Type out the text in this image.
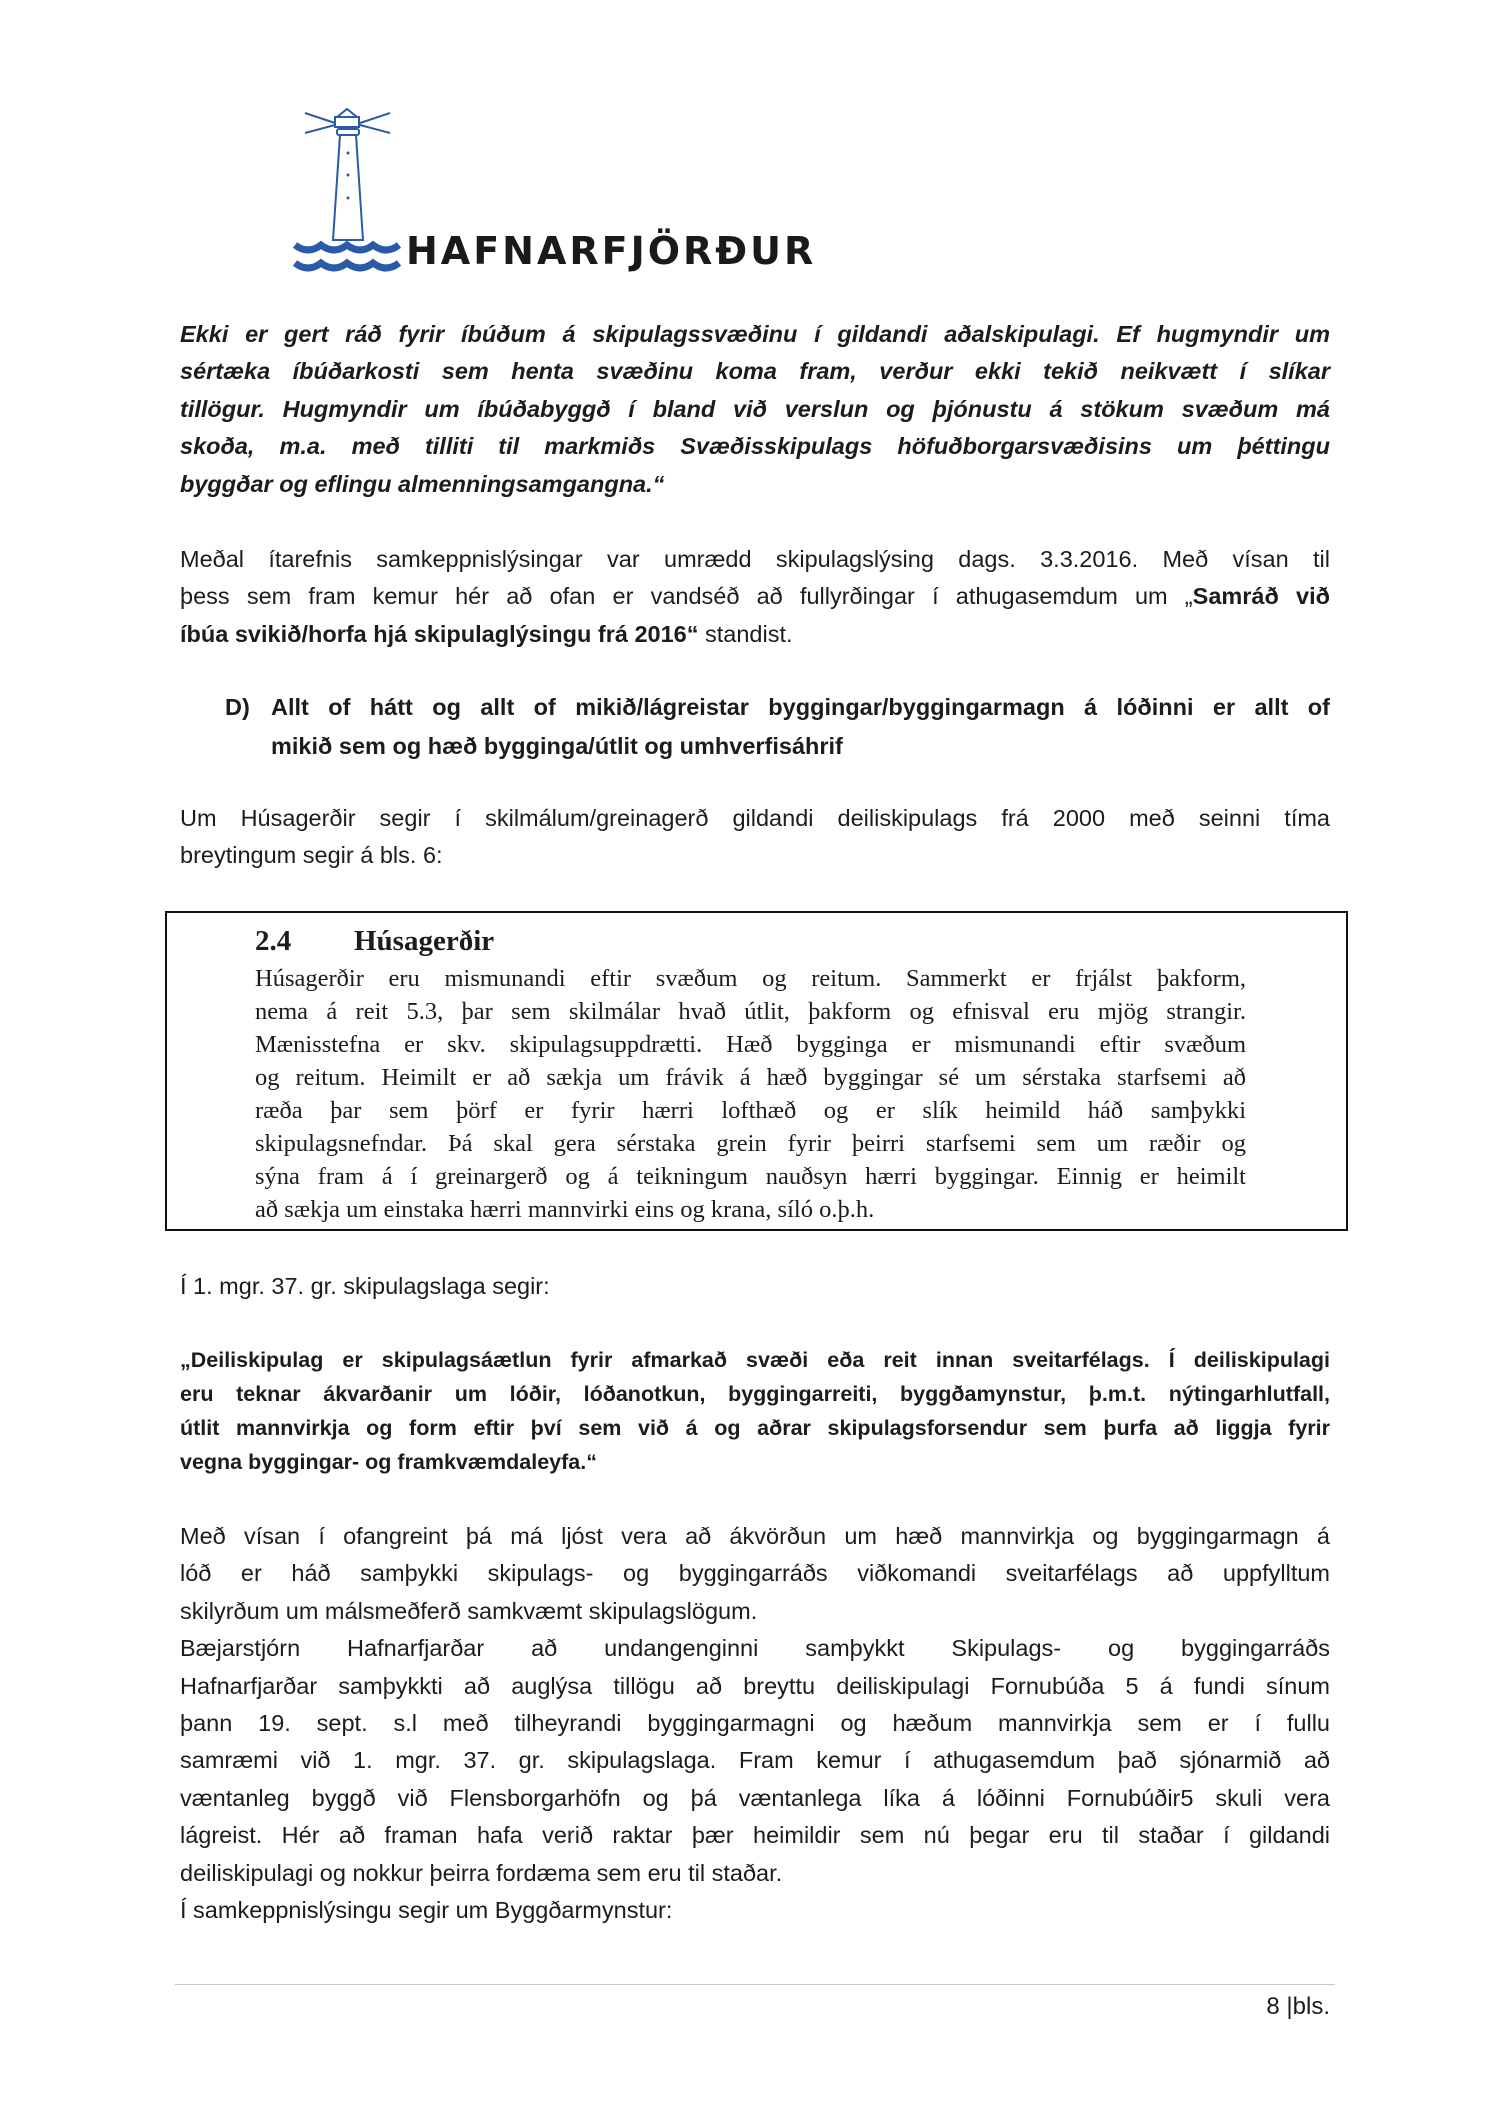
HAFNARFJÖRÐUR
Ekki er gert ráð fyrir íbúðum á skipulagssvæðinu í gildandi aðalskipulagi. Ef hugmyndir um
sértæka íbúðarkosti sem henta svæðinu koma fram, verður ekki tekið neikvætt í slíkar
tillögur. Hugmyndir um íbúðabyggð í bland við verslun og þjónustu á stökum svæðum má
skoða, m.a. með tilliti til markmiðs Svæðisskipulags höfuðborgarsvæðisins um þéttingu
byggðar og eflingu almenningsamgangna.“
Meðal ítarefnis samkeppnislýsingar var umrædd skipulagslýsing dags. 3.3.2016. Með vísan til
þess sem fram kemur hér að ofan er vandséð að fullyrðingar í athugasemdum um „Samráð við
íbúa svikið/horfa hjá skipulaglýsingu frá 2016“ standist.
D) Allt of hátt og allt of mikið/lágreistar byggingar/byggingarmagn á lóðinni er allt of
mikið sem og hæð bygginga/útlit og umhverfisáhrif
Um Húsagerðir segir í skilmálum/greinagerð gildandi deiliskipulags frá 2000 með seinni tíma
breytingum segir á bls. 6:
2.4 Húsagerðir
Húsagerðir eru mismunandi eftir svæðum og reitum. Sammerkt er frjálst þakform,
nema á reit 5.3, þar sem skilmálar hvað útlit, þakform og efnisval eru mjög strangir.
Mænisstefna er skv. skipulagsuppdrætti. Hæð bygginga er mismunandi eftir svæðum
og reitum. Heimilt er að sækja um frávik á hæð byggingar sé um sérstaka starfsemi að
ræða þar sem þörf er fyrir hærri lofthæð og er slík heimild háð samþykki
skipulagsnefndar. Þá skal gera sérstaka grein fyrir þeirri starfsemi sem um ræðir og
sýna fram á í greinargerð og á teikningum nauðsyn hærri byggingar. Einnig er heimilt
að sækja um einstaka hærri mannvirki eins og krana, síló o.þ.h.
Í 1. mgr. 37. gr. skipulagslaga segir:
„Deiliskipulag er skipulagsáætlun fyrir afmarkað svæði eða reit innan sveitarfélags. Í deiliskipulagi
eru teknar ákvarðanir um lóðir, lóðanotkun, byggingarreiti, byggðamynstur, þ.m.t. nýtingarhlutfall,
útlit mannvirkja og form eftir því sem við á og aðrar skipulagsforsendur sem þurfa að liggja fyrir
vegna byggingar- og framkvæmdaleyfa.“
Með vísan í ofangreint þá má ljóst vera að ákvörðun um hæð mannvirkja og byggingarmagn á
lóð er háð samþykki skipulags- og byggingarráðs viðkomandi sveitarfélags að uppfylltum
skilyrðum um málsmeðferð samkvæmt skipulagslögum.
Bæjarstjórn Hafnarfjarðar að undangenginni samþykkt Skipulags- og byggingarráðs
Hafnarfjarðar samþykkti að auglýsa tillögu að breyttu deiliskipulagi Fornubúða 5 á fundi sínum
þann 19. sept. s.l með tilheyrandi byggingarmagni og hæðum mannvirkja sem er í fullu
samræmi við 1. mgr. 37. gr. skipulagslaga. Fram kemur í athugasemdum það sjónarmið að
væntanleg byggð við Flensborgarhöfn og þá væntanlega líka á lóðinni Fornubúðir5 skuli vera
lágreist. Hér að framan hafa verið raktar þær heimildir sem nú þegar eru til staðar í gildandi
deiliskipulagi og nokkur þeirra fordæma sem eru til staðar.
Í samkeppnislýsingu segir um Byggðarmynstur:
8 |bls.
